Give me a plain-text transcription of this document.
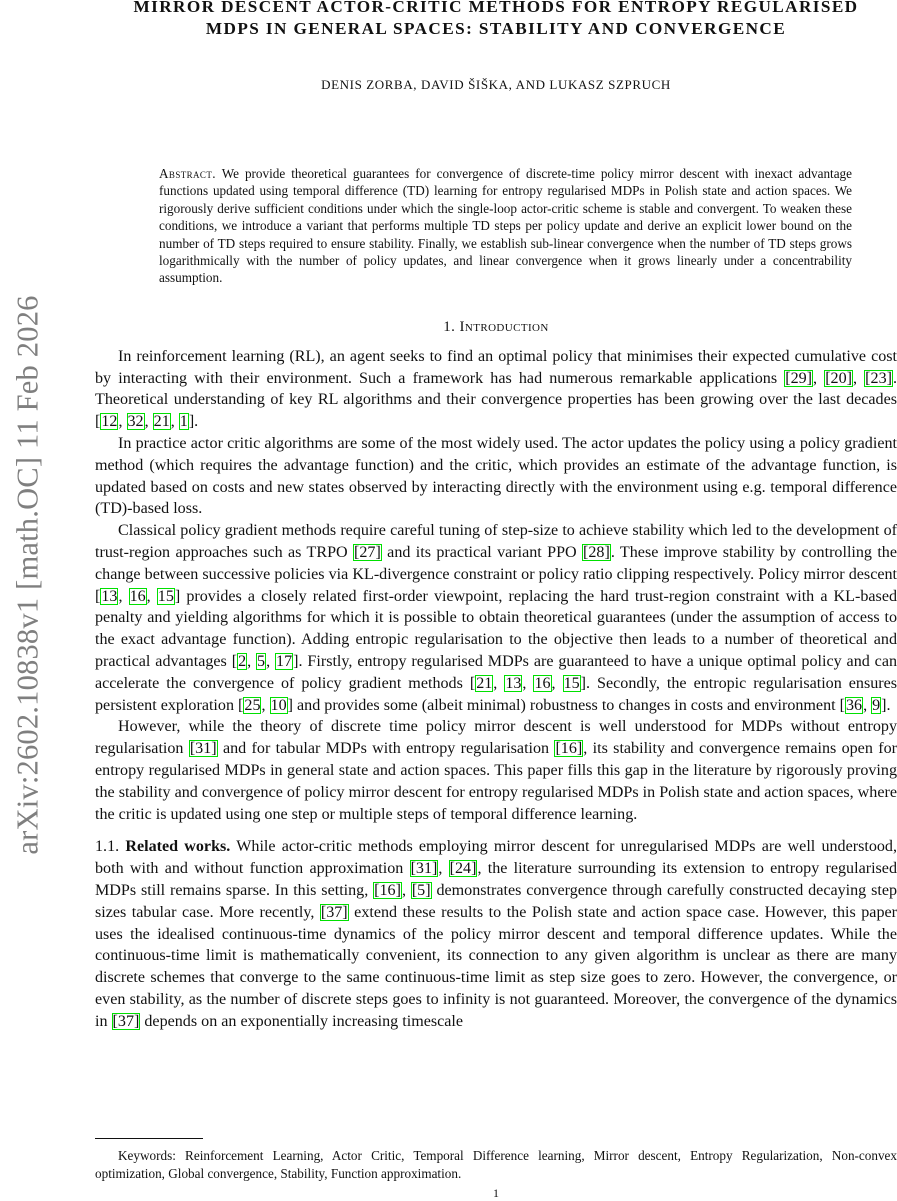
arXiv:2602.10838v1 [math.OC] 11 Feb 2026
MIRROR DESCENT ACTOR-CRITIC METHODS FOR ENTROPY REGULARISED
MDPS IN GENERAL SPACES: STABILITY AND CONVERGENCE
DENIS ZORBA, DAVID ŠIŠKA, AND LUKASZ SZPRUCH
Abstract. We provide theoretical guarantees for convergence of discrete-time policy mirror descent with inexact advantage functions updated using temporal difference (TD) learning for entropy regularised MDPs in Polish state and action spaces. We rigorously derive sufficient conditions under which the single-loop actor-critic scheme is stable and convergent. To weaken these conditions, we introduce a variant that performs multiple TD steps per policy update and derive an explicit lower bound on the number of TD steps required to ensure stability. Finally, we establish sub-linear convergence when the number of TD steps grows logarithmically with the number of policy updates, and linear convergence when it grows linearly under a concentrability assumption.
1. Introduction

In reinforcement learning (RL), an agent seeks to find an optimal policy that minimises their expected cumulative cost by interacting with their environment. Such a framework has had numerous remarkable applications [29], [20], [23]. Theoretical understanding of key RL algorithms and their convergence properties has been growing over the last decades [12, 32, 21, 1].

In practice actor critic algorithms are some of the most widely used. The actor updates the policy using a policy gradient method (which requires the advantage function) and the critic, which provides an estimate of the advantage function, is updated based on costs and new states observed by interacting directly with the environment using e.g. temporal difference (TD)-based loss.

Classical policy gradient methods require careful tuning of step-size to achieve stability which led to the development of trust-region approaches such as TRPO [27] and its practical variant PPO [28]. These improve stability by controlling the change between successive policies via KL-divergence constraint or policy ratio clipping respectively. Policy mirror descent [13, 16, 15] provides a closely related first-order viewpoint, replacing the hard trust-region constraint with a KL-based penalty and yielding algorithms for which it is possible to obtain theoretical guarantees (under the assumption of access to the exact advantage function). Adding entropic regularisation to the objective then leads to a number of theoretical and practical advantages [2, 5, 17]. Firstly, entropy regularised MDPs are guaranteed to have a unique optimal policy and can accelerate the convergence of policy gradient methods [21, 13, 16, 15]. Secondly, the entropic regularisation ensures persistent exploration [25, 10] and provides some (albeit minimal) robustness to changes in costs and environment [36, 9].

However, while the theory of discrete time policy mirror descent is well understood for MDPs without entropy regularisation [31] and for tabular MDPs with entropy regularisation [16], its stability and convergence remains open for entropy regularised MDPs in general state and action spaces. This paper fills this gap in the literature by rigorously proving the stability and convergence of policy mirror descent for entropy regularised MDPs in Polish state and action spaces, where the critic is updated using one step or multiple steps of temporal difference learning.

1.1. Related works. While actor-critic methods employing mirror descent for unregularised MDPs are well understood, both with and without function approximation [31], [24], the literature surrounding its extension to entropy regularised MDPs still remains sparse. In this setting, [16], [5] demonstrates convergence through carefully constructed decaying step sizes tabular case. More recently, [37] extend these results to the Polish state and action space case. However, this paper uses the idealised continuous-time dynamics of the policy mirror descent and temporal difference updates. While the continuous-time limit is mathematically convenient, its connection to any given algorithm is unclear as there are many discrete schemes that converge to the same continuous-time limit as step size goes to zero. However, the convergence, or even stability, as the number of discrete steps goes to infinity is not guaranteed. Moreover, the convergence of the dynamics in [37] depends on an exponentially increasing timescale
Keywords: Reinforcement Learning, Actor Critic, Temporal Difference learning, Mirror descent, Entropy Regularization, Non-convex optimization, Global convergence, Stability, Function approximation.
1
